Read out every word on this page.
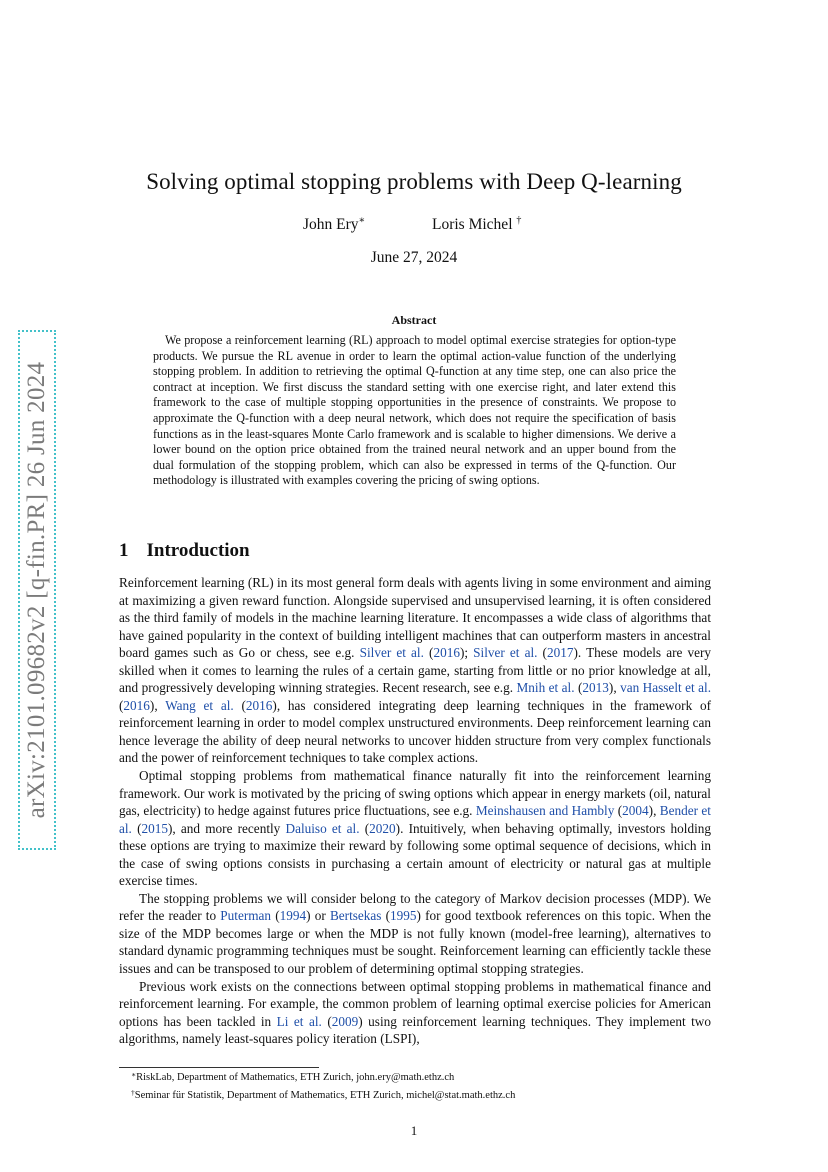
arXiv:2101.09682v2 [q-fin.PR] 26 Jun 2024
Solving optimal stopping problems with Deep Q-learning
John Ery∗	Loris Michel †
June 27, 2024
Abstract

We propose a reinforcement learning (RL) approach to model optimal exercise strategies for option-type products. We pursue the RL avenue in order to learn the optimal action-value function of the underlying stopping problem. In addition to retrieving the optimal Q-function at any time step, one can also price the contract at inception. We first discuss the standard setting with one exercise right, and later extend this framework to the case of multiple stopping opportunities in the presence of constraints. We propose to approximate the Q-function with a deep neural network, which does not require the specification of basis functions as in the least-squares Monte Carlo framework and is scalable to higher dimensions. We derive a lower bound on the option price obtained from the trained neural network and an upper bound from the dual formulation of the stopping problem, which can also be expressed in terms of the Q-function. Our methodology is illustrated with examples covering the pricing of swing options.

1 Introduction

Reinforcement learning (RL) in its most general form deals with agents living in some environment and aiming at maximizing a given reward function. Alongside supervised and unsupervised learning, it is often considered as the third family of models in the machine learning literature. It encompasses a wide class of algorithms that have gained popularity in the context of building intelligent machines that can outperform masters in ancestral board games such as Go or chess, see e.g. Silver et al. (2016); Silver et al. (2017). These models are very skilled when it comes to learning the rules of a certain game, starting from little or no prior knowledge at all, and progressively developing winning strategies. Recent research, see e.g. Mnih et al. (2013), van Hasselt et al. (2016), Wang et al. (2016), has considered integrating deep learning techniques in the framework of reinforcement learning in order to model complex unstructured environments. Deep reinforcement learning can hence leverage the ability of deep neural networks to uncover hidden structure from very complex functionals and the power of reinforcement techniques to take complex actions.

Optimal stopping problems from mathematical finance naturally fit into the reinforcement learning framework. Our work is motivated by the pricing of swing options which appear in energy markets (oil, natural gas, electricity) to hedge against futures price fluctuations, see e.g. Meinshausen and Hambly (2004), Bender et al. (2015), and more recently Daluiso et al. (2020). Intuitively, when behaving optimally, investors holding these options are trying to maximize their reward by following some optimal sequence of decisions, which in the case of swing options consists in purchasing a certain amount of electricity or natural gas at multiple exercise times.

The stopping problems we will consider belong to the category of Markov decision processes (MDP). We refer the reader to Puterman (1994) or Bertsekas (1995) for good textbook references on this topic. When the size of the MDP becomes large or when the MDP is not fully known (model-free learning), alternatives to standard dynamic programming techniques must be sought. Reinforcement learning can efficiently tackle these issues and can be transposed to our problem of determining optimal stopping strategies.

Previous work exists on the connections between optimal stopping problems in mathematical finance and reinforcement learning. For example, the common problem of learning optimal exercise policies for American options has been tackled in Li et al. (2009) using reinforcement learning techniques. They implement two algorithms, namely least-squares policy iteration (LSPI),

∗RiskLab, Department of Mathematics, ETH Zurich, john.ery@math.ethz.ch
†Seminar für Statistik, Department of Mathematics, ETH Zurich, michel@stat.math.ethz.ch
1
